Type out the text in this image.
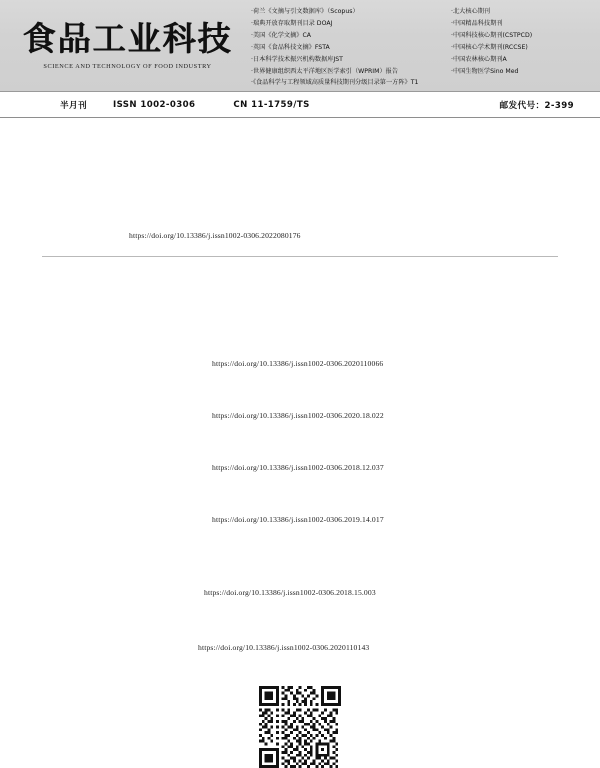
食品工业科技
SCIENCE AND TECHNOLOGY OF FOOD INDUSTRY
·荷兰《文摘与引文数据库》（Scopus）
·瑞典开放存取期刊目录 DOAJ
·美国《化学文摘》CA
·英国《食品科技文摘》FSTA
·日本科学技术振兴机构数据库JST
·世界健康组织西太平洋地区医学索引（WPRIM）报告
·《食品科学与工程领域高质量科技期刊分级目录第一方阵》T1
·北大核心期刊
·中国精品科技期刊
·中国科技核心期刊(CSTPCD)
·中国核心学术期刊(RCCSE)
·中国农林核心期刊A
·中国生物医学Sino Med
半月刊	ISSN 1002-0306	CN 11-1759/TS	邮发代号：2-399
https://doi.org/10.13386/j.issn1002-0306.2022080176
https://doi.org/10.13386/j.issn1002-0306.2020110066
https://doi.org/10.13386/j.issn1002-0306.2020.18.022
https://doi.org/10.13386/j.issn1002-0306.2018.12.037
https://doi.org/10.13386/j.issn1002-0306.2019.14.017
https://doi.org/10.13386/j.issn1002-0306.2018.15.003
https://doi.org/10.13386/j.issn1002-0306.2020110143
